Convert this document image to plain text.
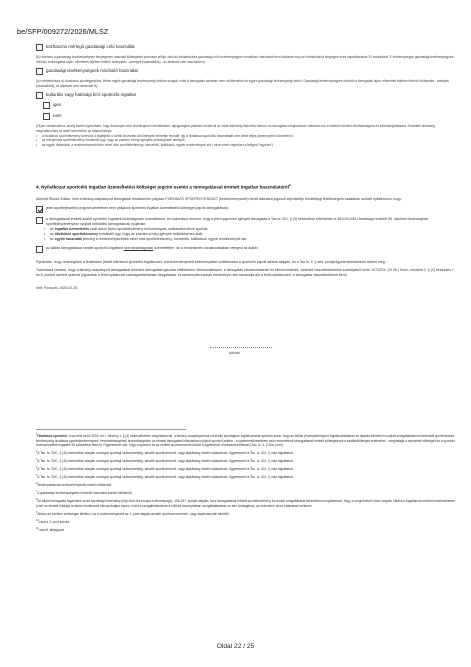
be/SFP/009272/2026/MLSZ
közhasznú mérlegű gazdasági célú használat
(Ez esetben a gazdasági tevékenységhez ténylegesen használt költségeket pontosan jelölje, lásd az infrastruktúra gazdasági célú tevékenységére vonatkozó használati rend kiadásai meg az infrastruktúra tényleges éves kapacitásának 20 százalékát. E tevékenységek gazdasági tevékenységnek minősül a támogatás útján, ellenérték fejében történő ürülepetés - amelyek (szabadidős) - az alkalomi célú használat is)
gazdasági tevékenységnek minősülő használat
(Az infrastruktúra új, hivatásos sportegyesülés, illetve egyéb gazdasági tevékenységi célokra szolgál, ezért a támogatás azonban nem csökkentheti az egyéb gazdasági tevékenységi célból. Gazdasági tevékenységnek minősül a támogatás útján, ellenérték fejében történő ürülepetés - amelyek (szabadidős), az alkalomi célú használat is)
kulturális vagy hatósági bíró sportcélú ingatlan
igen
nem
(Olyan infrastruktúra, amely esetén igazolható, hogy funkciójuk nem elsődlegesen rendeltetésű, tájegységhez jelenték rendkívül az adott állomány-fiadvóhöz tartozó és támogatás meghatározó hatással van a hatóköri döntési dönthatóságára és sebességhatására. A tartalmi döntéség meghatározása az adott szerződőre az rátanulmánya:
•	a hivatásos sportintézmény szervezi a legfeljebb 4 szintű tervezési körülmények érintettje fennállt; így a hivatásos sportcélú használatát nem lehet teljes (amennyiben közvetlenül
•	az mérgendes sportintézmény mindkettő úgy, hogy az puerten a helyi igénylés szükségesek amelyek,
•	az egyéb használat: a rendezvényeszközön mivel rész sportlétesítmény; koncertek, kiállítások, egyéb rendezvények stb.) mivel ezért végeshez a leléged "egyszer")
4. Nyilatkozat sportcélú ingatlan üzemeltetési költségei jogcím esetén a támogatással érintett ingatlan használatáról$^9$
Alulírott Riczkó Zoltán, mint a látvány-csapatsport támogatási rendszerben pályázó PORONIZÓ SPORTEGYESÜLET (kedvezményezett) nevét aláírásra jogosult képviselője büntetőjogi felelősségem tudatában szóbeli nyilatkozom, hogy:
jelen sportfejlesztési program keretében nem pályázok sportcélú ingatlan üzemeltetési költségei jogcím támogatására.
a támogatással érintett adatot sportcélú ingatlant kizárólagosan üzemeltetem, és tudomásul veszem, hogy a jelen jogcímen igényelt támogatás a Tao tv. 301. § (3) bekezdése értelmében a 651/2014/EU bizottsági rendelet 55. cikkével összhangban sportfejlesztményhez nyújtott működési támogatásnak nyújtható:
•	az ingatlan üzemeltetés csak akkor bármi sportlétesítmény önkormányzat, szállásából eleve sporttal,
•	az ötletkötés sportintézmény mindkettő úgy, hogy az puerten a helyi igények működéséhez alatt,
•	az egyéb használat jelenleg a rendezvénykezelés mivel más sportlétesítmény; koncertek, kiállítások, egyéb rendezvények stb.
az alábbi támogatással érintett sportcélú ingatlant nem kizárólagosan üzemeltetem, de a rendelkezés vonatkozásában rétegesi az alábbi
Kijelentem, hogy amennyiben a fentiekben jelzett ellenkező sportcélú fogalkozást, a kedvezményezett intézményeket nyilatkozatot a sportcélú kapott adatok alapján, és a Tao tv. 4. § alta. pontja figyelembevételével tettem meg.
Tudomásul veszem, hogy a látvány-csapatsport támogatását biztosító támogatási igazolás kiállításáról, felhasználásáról, a támogatás elszámolásának és ellenőrzésének, valamint visszafizetésének szabályairól szóló 107/2011. (VI.30.) Korm. rendelet 2. § (1) bekezdés 7. és 8. pontok szerinti számok jogosultak a fenti nyilatkozat valóságtartalmának vizsgálatára, és amennyiben annak eredménye nem támasztja alá a fenti nyilatkozatot, a támogatás visszafizetésére kerül.
Kelt: Poroszló, 2026.02.25.
aláírás
$^1$Hivatásos sportolói: a sportról szóló 2004. évi I. törvény 1. § (4) bekezdésében meghatározott, a látvány-csapatsportnak minősülő sportágban foglalkoztatott sportoló azzal, hogy az állítás (érvénytelensjező foglalkoztatásban és díjazás ellenében nyújtott szolgáltatásként biztosított sportfeladatot tevékenység hivatásos sportteljesítménynek. bevezetettségének tevezettségében az érintett támogatási időszakban nyújtott sportcél jellebe - a sportmérkőzésekben való részvételnek támogatással érintett költségeknek a szállásköltségek teréletével - meghatalja a résztvétel költségeit és a sportoló érvényesítettek legalább 50 százalékát teszi ki. Figyelemmel álló, hogy a sportoló és az érintett sportszervezet között a egyértelmű munkaszerződéssel (Tao. tv. 4. § 40a. pont).
$^2$A Tao. tv. 22/C. § (4c) bekezdése alapján országos sportági szakszövetség, amatőr sportszervezet, vagy alapítvány esetén választható, figyelemmel a Tao. tv. 301. § -ban foglaltakra.
$^3$A Tao. tv. 22/C. § (4c) bekezdése alapján országos sportági szakszövetség, amatőr sportszervezet, vagy alapítvány esetén választható, figyelemmel a Tao. tv. 301. § -ban foglaltakra.
$^4$A Tao. tv. 22/C. § (4c) bekezdése alapján országos sportági szakszövetség, amatőr sportszervezet, vagy alapítvány esetén választható, figyelemmel a Tao. tv. 301. § -ban foglaltakra.
$^5$A Tao. tv. 22/C. § (4c) bekezdése alapján országos sportági szakszövetség, amatőr sportszervezet, vagy alapítvány esetén választható, figyelemmel a Tao. tv. 301. § -ban foglaltakra.
$^6$Vezérnyilatkozat kedvezményezett esetén kitöltendő
$^7$A gazdasági tevékenységnek minősülő használat esetén kitöltendő
$^8$Az állami támogatás fogalmáról szóló bizottsági közlemény (http://eur-lex.europa.eu/homepage), 196-197. pontjai alapján, ha a támogatással érintett sportlétesítmény és annak szolgáltatásai kérdésében meghatározó, hogy a megnövekvő nincs negatív hatása a tagállamok közötti kereskedelemre (mert az érintett földrajzi területen korlátozott ellenpróbájára képes, mivel a szolgáltatásoknak a külföldi viszonylatban szolgáltatásainak és ben kivizsgálva), az érdemben nincs hatásának keltenek.
$^9$Abban az esetben szükséges kitölteni, ha a kedvezményezett az 1. pont alapján amatőr sportszervezetnek, vagy alapítványnak minősül.
$^{10}$Lásd a 3. pont szerint
$^{11}$Lásd 8. lábjegyzet
Oldal 22 / 25
